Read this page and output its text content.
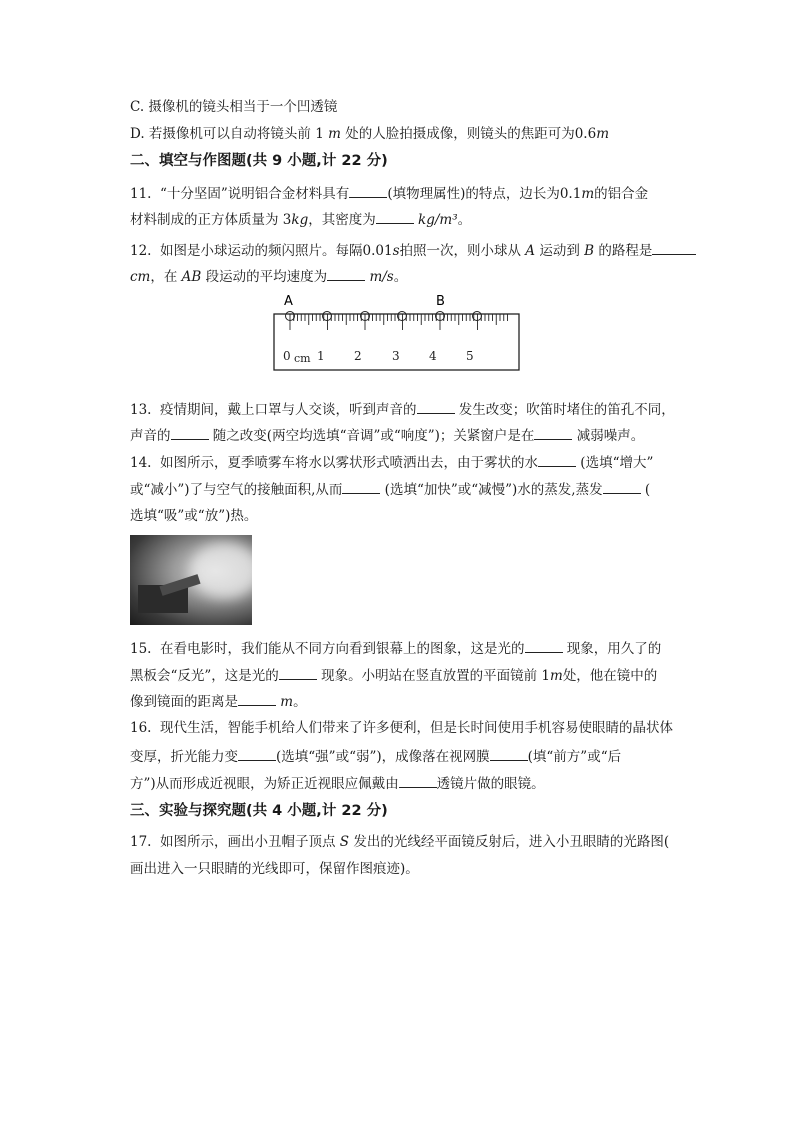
C. 摄像机的镜头相当于一个凹透镜
D. 若摄像机可以自动将镜头前 1 m 处的人脸拍摄成像，则镜头的焦距可为0.6m
二、填空与作图题(共 9 小题,计 22 分)
11. “十分坚固”说明铝合金材料具有	(填物理属性)的特点，边长为0.1m的铝合金
材料制成的正方体质量为 3kg，其密度为	kg/m³。
12. 如图是小球运动的频闪照片。每隔0.01s拍照一次，则小球从 A 运动到 B 的路程是
cm，在 AB 段运动的平均速度为	m/s。
A	B
0 cm 1 2	3 4 5
13. 疫情期间，戴上口罩与人交谈，听到声音的	发生改变；吹笛时堵住的笛孔不同，
声音的	随之改变(两空均选填“音调”或“响度”)；关紧窗户是在	减弱噪声。
14. 如图所示，夏季喷雾车将水以雾状形式喷洒出去，由于雾状的水	(选填“增大”
或“减小”)了与空气的接触面积,从而	(选填“加快”或“减慢”)水的蒸发,蒸发	(
选填“吸”或“放”)热。
15. 在看电影时，我们能从不同方向看到银幕上的图象，这是光的	现象，用久了的
黑板会“反光”，这是光的	现象。小明站在竖直放置的平面镜前 1m处，他在镜中的
像到镜面的距离是	m。
16. 现代生活，智能手机给人们带来了许多便利，但是长时间使用手机容易使眼睛的晶状体
变厚，折光能力变	(选填“强”或“弱”)，成像落在视网膜	(填“前方”或“后
方”)从而形成近视眼，为矫正近视眼应佩戴由	透镜片做的眼镜。
三、实验与探究题(共 4 小题,计 22 分)
17. 如图所示，画出小丑帽子顶点 S 发出的光线经平面镜反射后，进入小丑眼睛的光路图(
画出进入一只眼睛的光线即可，保留作图痕迹)。
